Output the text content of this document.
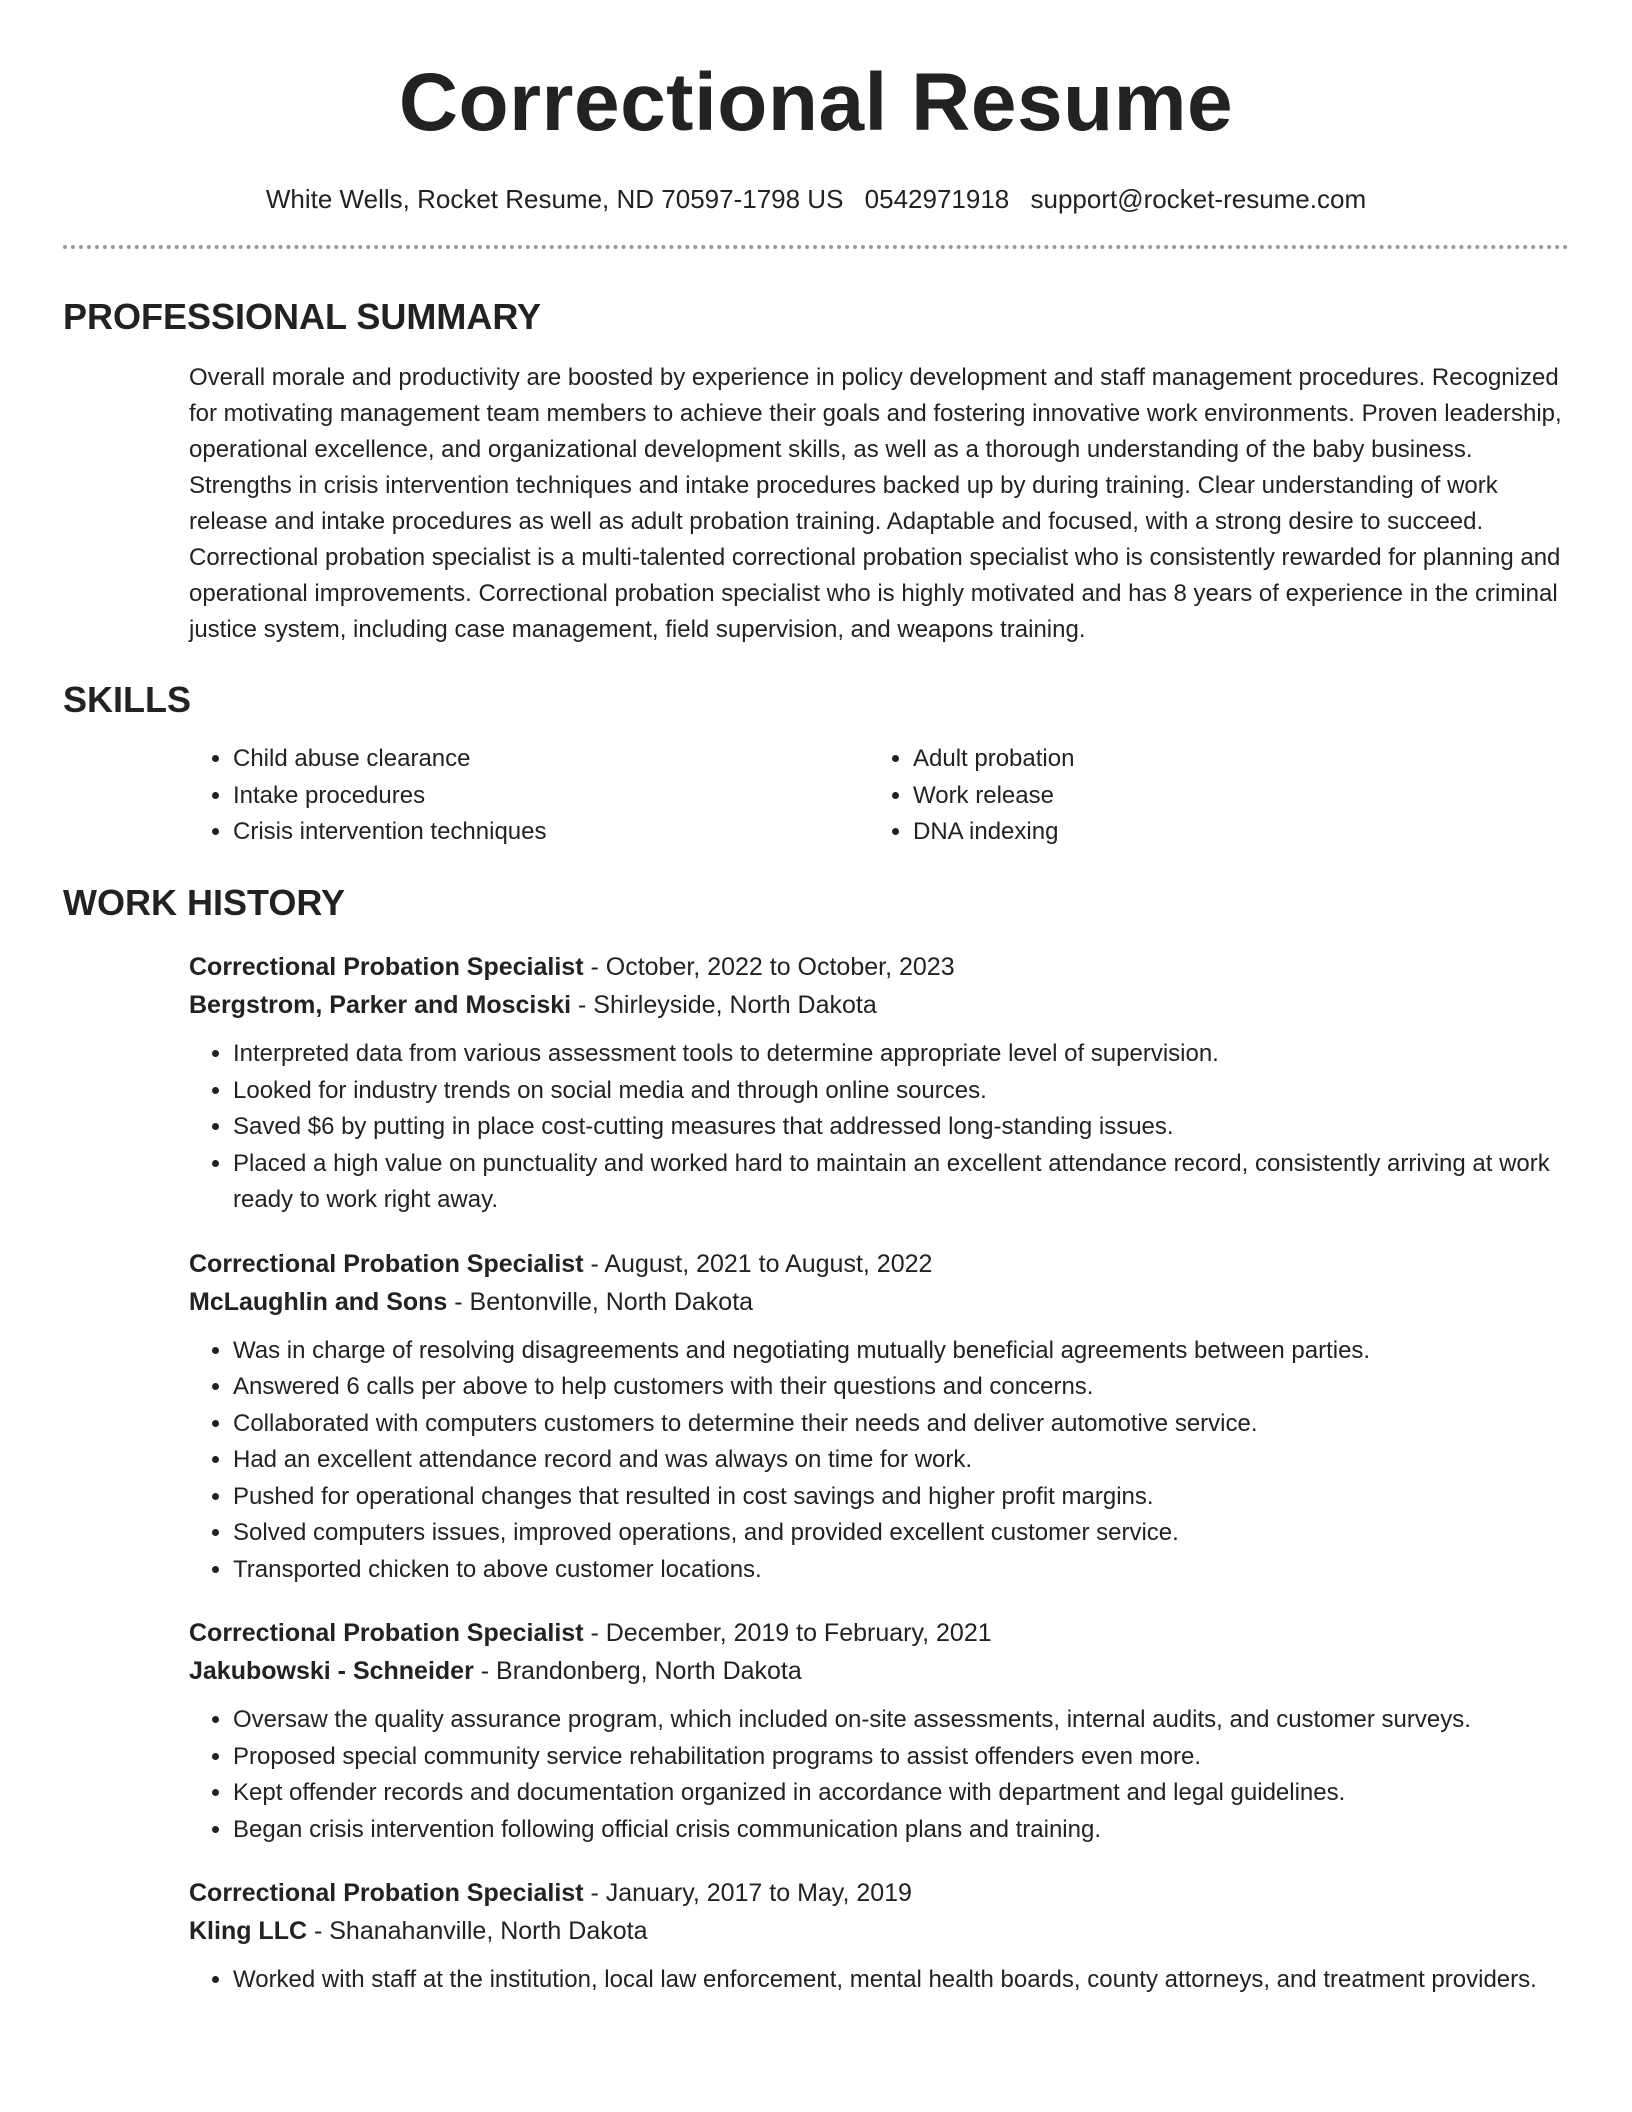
Correctional Resume
White Wells, Rocket Resume, ND 70597-1798 US 0542971918 support@rocket-resume.com
PROFESSIONAL SUMMARY
Overall morale and productivity are boosted by experience in policy development and staff management procedures. Recognized for motivating management team members to achieve their goals and fostering innovative work environments. Proven leadership, operational excellence, and organizational development skills, as well as a thorough understanding of the baby business. Strengths in crisis intervention techniques and intake procedures backed up by during training. Clear understanding of work release and intake procedures as well as adult probation training. Adaptable and focused, with a strong desire to succeed. Correctional probation specialist is a multi-talented correctional probation specialist who is consistently rewarded for planning and operational improvements. Correctional probation specialist who is highly motivated and has 8 years of experience in the criminal justice system, including case management, field supervision, and weapons training.
SKILLS
• Child abuse clearance
• Intake procedures
• Crisis intervention techniques
• Adult probation
• Work release
• DNA indexing
WORK HISTORY
Correctional Probation Specialist - October, 2022 to October, 2023
Bergstrom, Parker and Mosciski - Shirleyside, North Dakota
• Interpreted data from various assessment tools to determine appropriate level of supervision.
• Looked for industry trends on social media and through online sources.
• Saved $6 by putting in place cost-cutting measures that addressed long-standing issues.
• Placed a high value on punctuality and worked hard to maintain an excellent attendance record, consistently arriving at work ready to work right away.
Correctional Probation Specialist - August, 2021 to August, 2022
McLaughlin and Sons - Bentonville, North Dakota
• Was in charge of resolving disagreements and negotiating mutually beneficial agreements between parties.
• Answered 6 calls per above to help customers with their questions and concerns.
• Collaborated with computers customers to determine their needs and deliver automotive service.
• Had an excellent attendance record and was always on time for work.
• Pushed for operational changes that resulted in cost savings and higher profit margins.
• Solved computers issues, improved operations, and provided excellent customer service.
• Transported chicken to above customer locations.
Correctional Probation Specialist - December, 2019 to February, 2021
Jakubowski - Schneider - Brandonberg, North Dakota
• Oversaw the quality assurance program, which included on-site assessments, internal audits, and customer surveys.
• Proposed special community service rehabilitation programs to assist offenders even more.
• Kept offender records and documentation organized in accordance with department and legal guidelines.
• Began crisis intervention following official crisis communication plans and training.
Correctional Probation Specialist - January, 2017 to May, 2019
Kling LLC - Shanahanville, North Dakota
• Worked with staff at the institution, local law enforcement, mental health boards, county attorneys, and treatment providers.
